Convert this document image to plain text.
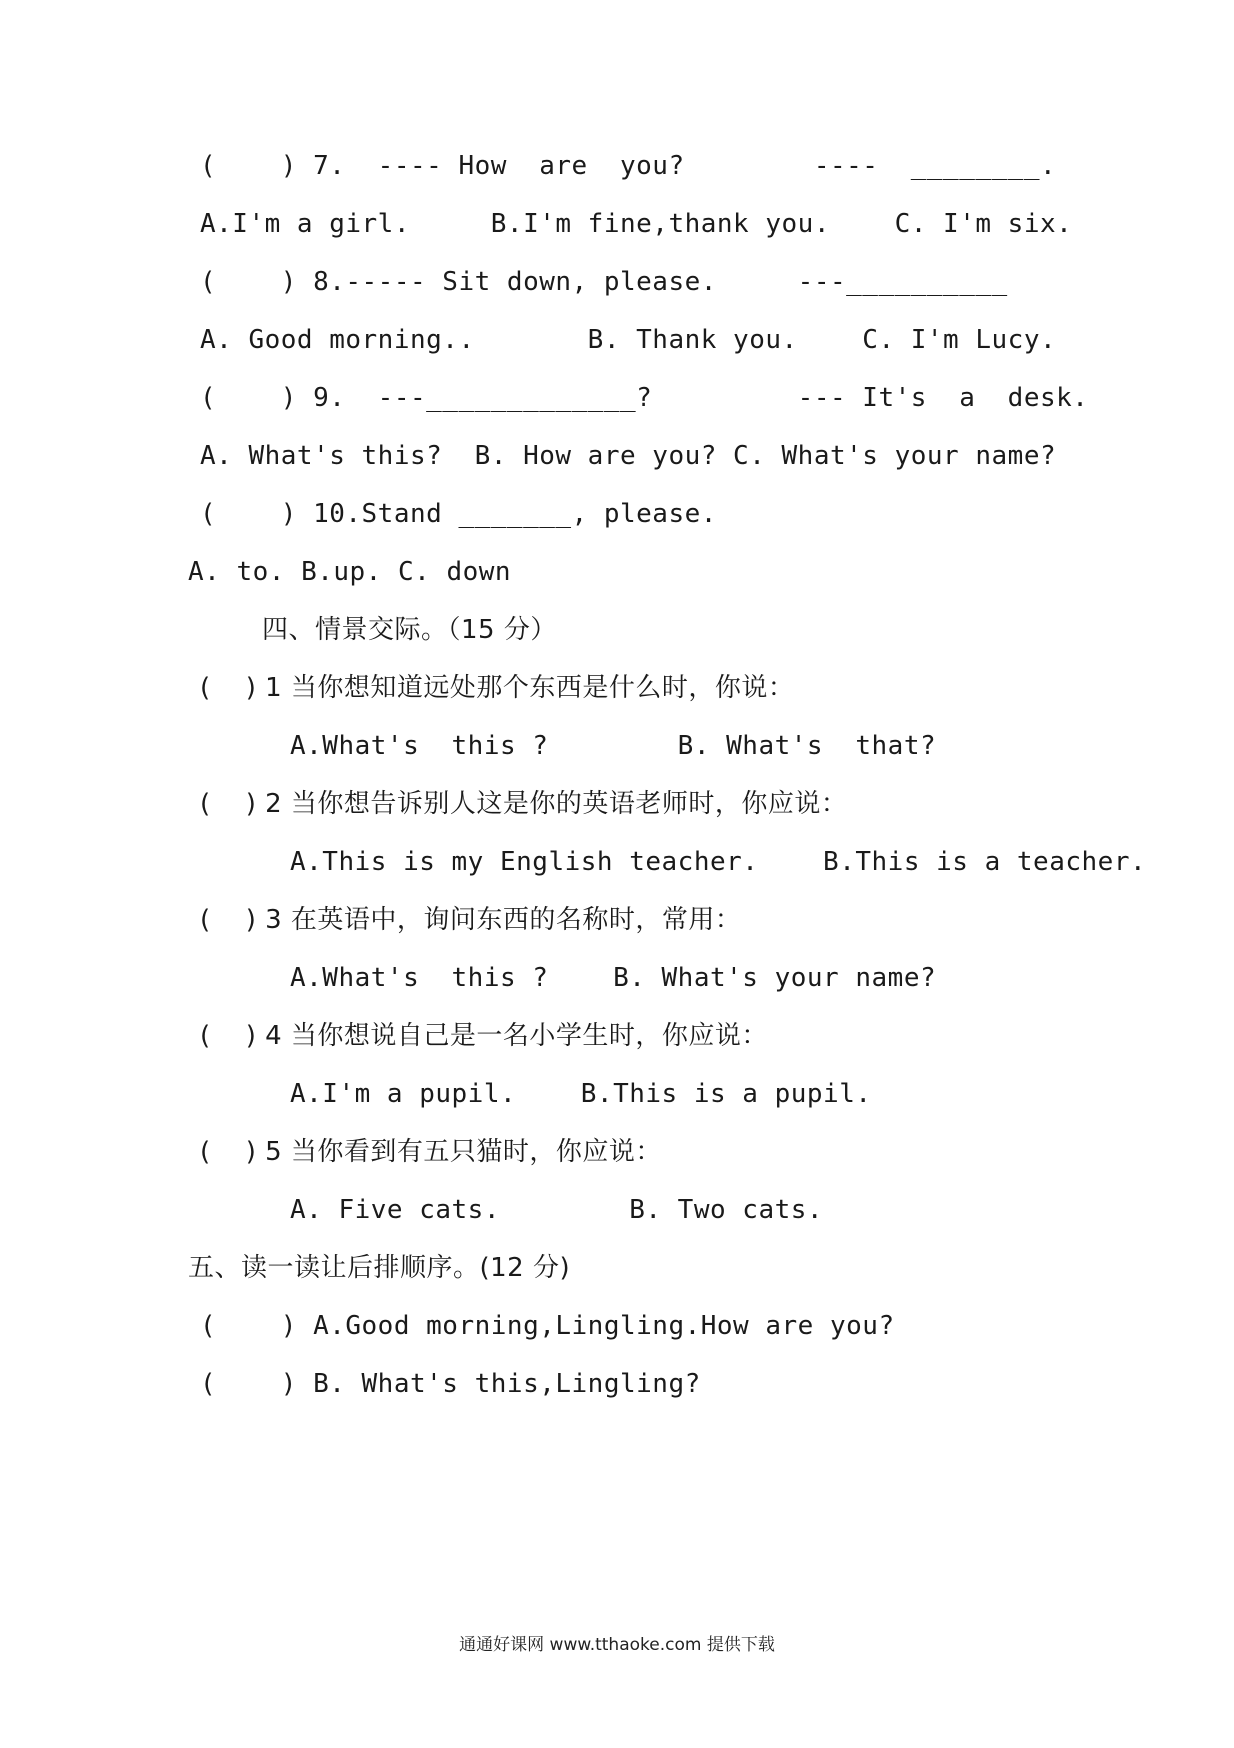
(    ) 7.  ---- How  are  you?        ----  ________.
A.I'm a girl.     B.I'm fine,thank you.    C. I'm six.
(    ) 8.----- Sit down, please.     ---__________
A. Good morning..       B. Thank you.    C. I'm Lucy.
(    ) 9.  ---_____________?         --- It's  a  desk.
A. What's this?  B. How are you? C. What's your name?
(    ) 10.Stand _______, please.
A. to. B.up. C. down
四、情景交际。（15 分）
(    ) 1 当你想知道远处那个东西是什么时，你说：
A.What's  this ?        B. What's  that?
(    ) 2 当你想告诉别人这是你的英语老师时，你应说：
A.This is my English teacher.    B.This is a teacher.
(    ) 3 在英语中，询问东西的名称时，常用：
A.What's  this ?    B. What's your name?
(    ) 4 当你想说自己是一名小学生时，你应说：
A.I'm a pupil.    B.This is a pupil.
(    ) 5 当你看到有五只猫时，你应说：
A. Five cats.        B. Two cats.
五、读一读让后排顺序。(12 分)
(    ) A.Good morning,Lingling.How are you?
(    ) B. What's this,Lingling?
通通好课网 www.tthaoke.com 提供下载
